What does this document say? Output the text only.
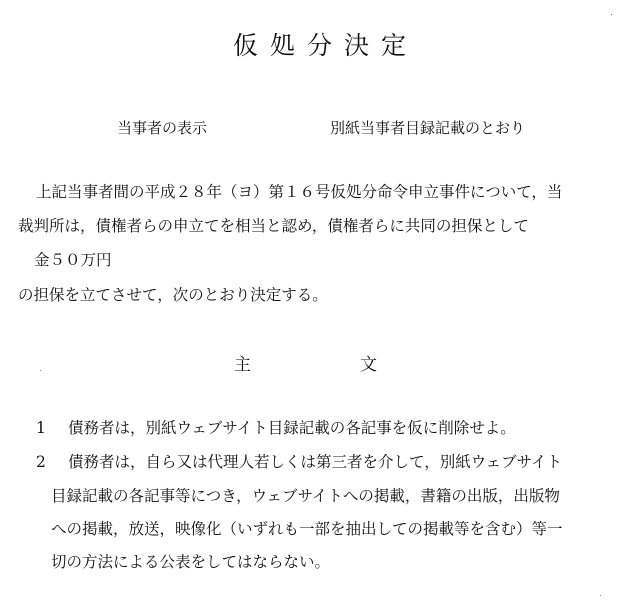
仮処分決定
当事者の表示	別紙当事者目録記載のとおり
上記当事者間の平成２８年（ヨ）第１６号仮処分命令申立事件について，当
裁判所は，債権者らの申立てを相当と認め，債権者らに共同の担保として
金５０万円
の担保を立てさせて，次のとおり決定する。
主	文
1 債務者は，別紙ウェブサイト目録記載の各記事を仮に削除せよ。
2 債務者は，自ら又は代理人若しくは第三者を介して，別紙ウェブサイト
目録記載の各記事等につき，ウェブサイトへの掲載，書籍の出版，出版物
への掲載，放送，映像化（いずれも一部を抽出しての掲載等を含む）等一
切の方法による公表をしてはならない。
